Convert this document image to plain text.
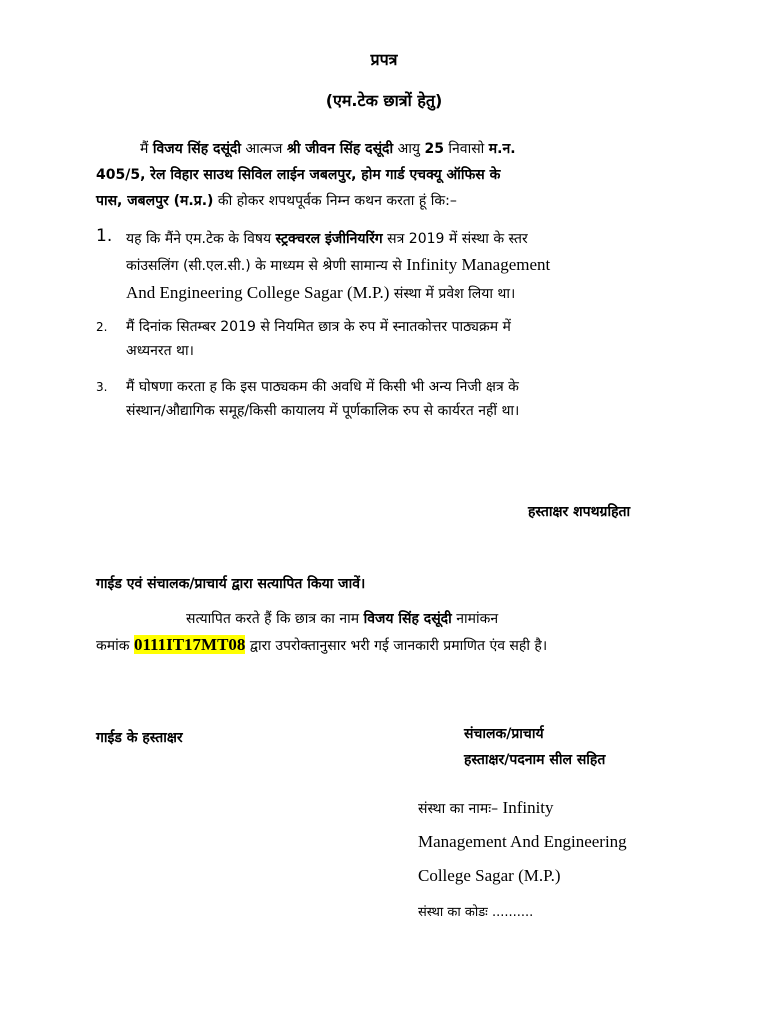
प्रपत्र
(एम.टेक छात्रों हेतु)
मैं विजय सिंह दसूंदी आत्मज श्री जीवन सिंह दसूंदी आयु 25 निवासो म.न.
405/5, रेल विहार साउथ सिविल लाईन जबलपुर, होम गार्ड एचक्यू ऑफिस के
पास, जबलपुर (म.प्र.) की होकर शपथपूर्वक निम्न कथन करता हूं कि:–
1. यह कि मैंने एम.टेक के विषय स्ट्रक्चरल इंजीनियरिंग सत्र 2019 में संस्था के स्तर
कांउसलिंग (सी.एल.सी.) के माध्यम से श्रेणी सामान्य से Infinity Management
And Engineering College Sagar (M.P.) संस्था में प्रवेश लिया था।
2. मैं दिनांक सितम्बर 2019 से नियमित छात्र के रुप में स्नातकोत्तर पाठ्यक्रम में
अध्यनरत था।
3. मैं घोषणा करता ह कि इस पाठ्यकम की अवधि में किसी भी अन्य निजी क्षत्र के
संस्थान/औद्यागिक समूह/किसी कायालय में पूर्णकालिक रुप से कार्यरत नहीं था।
हस्ताक्षर शपथग्रहिता
गाईड एवं संचालक/प्राचार्य द्वारा सत्यापित किया जावें।
सत्यापित करते हैं कि छात्र का नाम विजय सिंह दसूंदी नामांकन
कमांक 0111IT17MT08 द्वारा उपरोक्तानुसार भरी गई जानकारी प्रमाणित एंव सही है।
गाईड के हस्ताक्षर	संचालक/प्राचार्य
हस्ताक्षर/पदनाम सील सहित
संस्था का नामः– Infinity
Management And Engineering
College Sagar (M.P.)
संस्था का कोडः ..........
